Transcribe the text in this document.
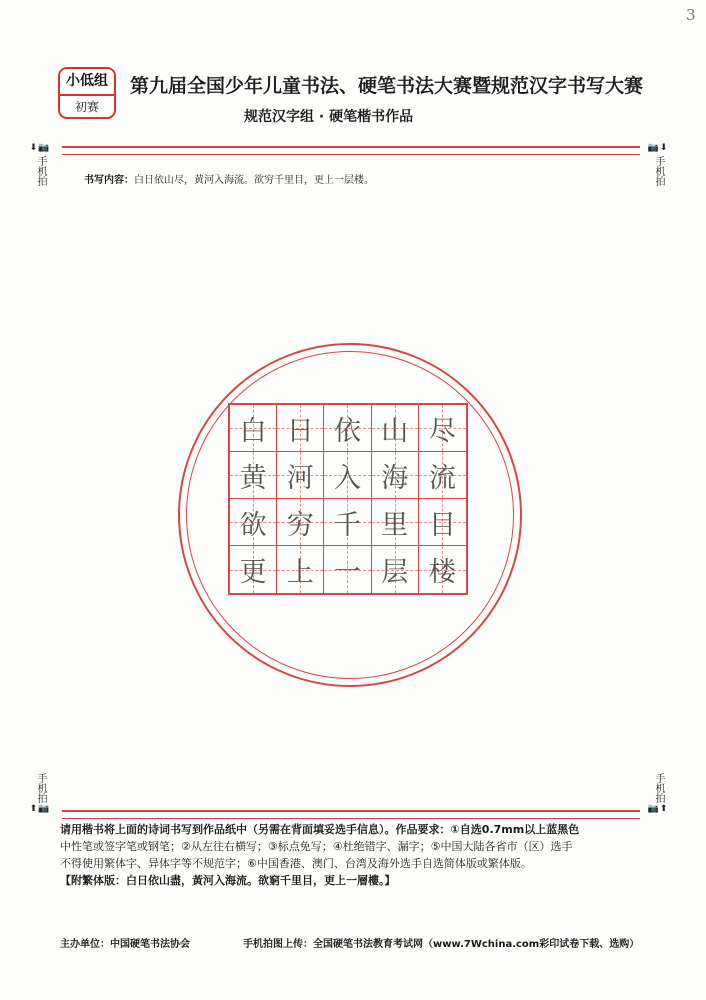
3
小低组
初赛
第九届全国少年儿童书法、硬笔书法大赛暨规范汉字书写大赛
规范汉字组 · 硬笔楷书作品
⬇📷
手机拍
📷⬇
手机拍
书写内容：白日依山尽，黄河入海流。欲穷千里目，更上一层楼。
白 日 依 山 尽
黄 河 入 海 流
欲 穷 千 里 目
更 上 一 层 楼
手机拍
⬆📷
手机拍
📷⬆

请用楷书将上面的诗词书写到作品纸中（另需在背面填妥选手信息）。作品要求：①自选0.7mm以上蓝黑色

中性笔或签字笔或钢笔；②从左往右横写；③标点免写；④杜绝错字、漏字；⑤中国大陆各省市（区）选手

不得使用繁体字、异体字等不规范字；⑥中国香港、澳门、台湾及海外选手自选简体版或繁体版。

【附繁体版：白日依山盡，黃河入海流。欲窮千里目，更上一層樓。】

主办单位：中国硬笔书法协会	手机拍图上传：全国硬笔书法教育考试网（www.7Wchina.com彩印试卷下载、选购）
